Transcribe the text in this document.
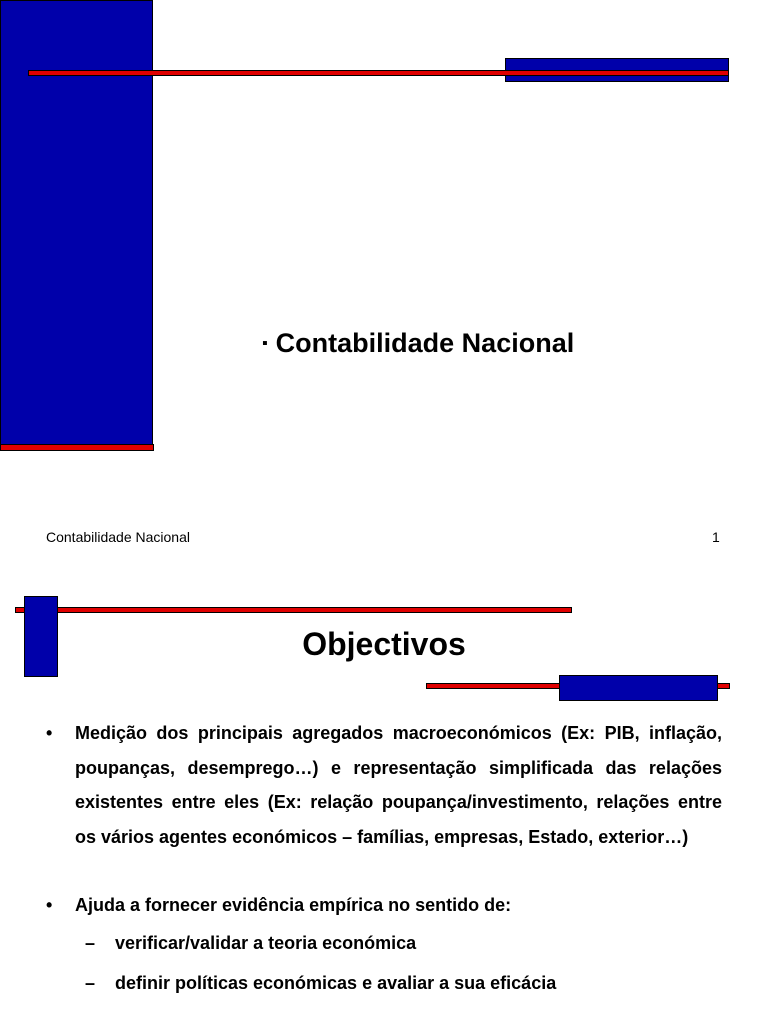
▪ Contabilidade Nacional
Contabilidade Nacional	1
Objectivos
• Medição dos principais agregados macroeconómicos (Ex: PIB, inflação, poupanças, desemprego…) e representação simplificada das relações existentes entre eles (Ex: relação poupança/investimento, relações entre os vários agentes económicos – famílias, empresas, Estado, exterior…)
• Ajuda a fornecer evidência empírica no sentido de:
– verificar/validar a teoria económica
– definir políticas económicas e avaliar a sua eficácia
